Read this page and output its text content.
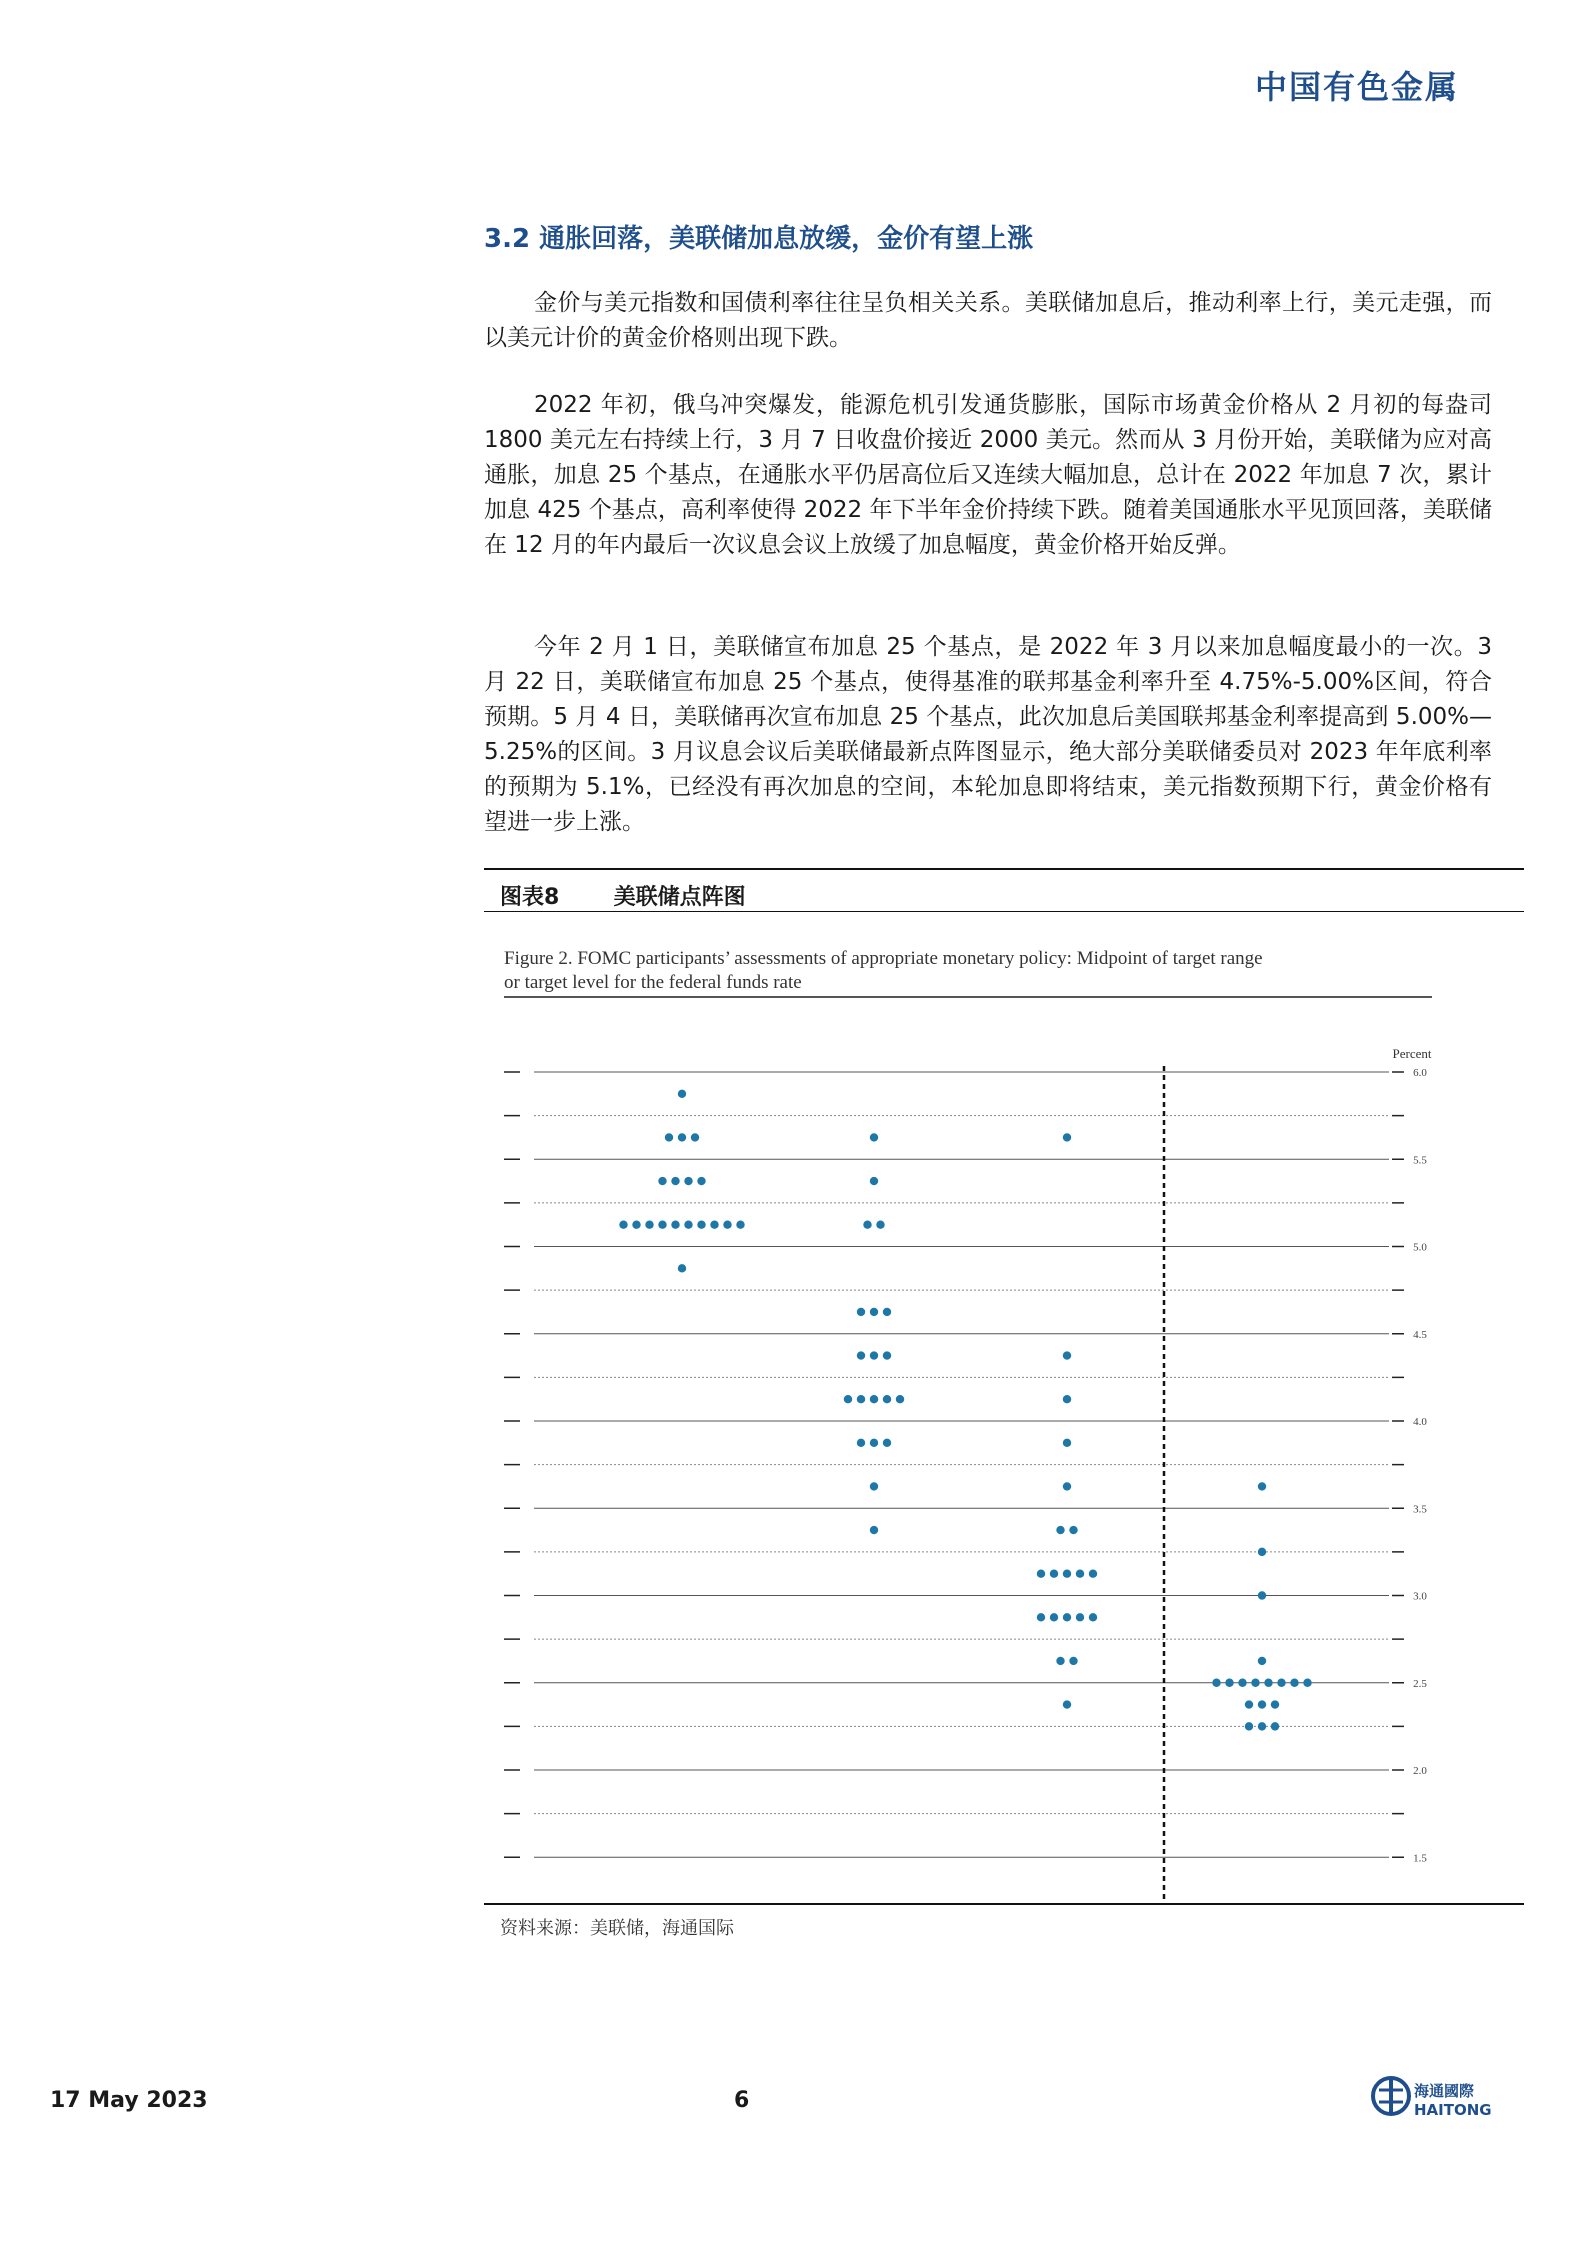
中国有色金属
3.2 通胀回落，美联储加息放缓，金价有望上涨

金价与美元指数和国债利率往往呈负相关关系。美联储加息后，推动利率上行，美元走强，而以美元计价的黄金价格则出现下跌。

2022 年初，俄乌冲突爆发，能源危机引发通货膨胀，国际市场黄金价格从 2 月初的每盎司 1800 美元左右持续上行，3 月 7 日收盘价接近 2000 美元。然而从 3 月份开始，美联储为应对高通胀，加息 25 个基点，在通胀水平仍居高位后又连续大幅加息，总计在 2022 年加息 7 次，累计加息 425 个基点，高利率使得 2022 年下半年金价持续下跌。随着美国通胀水平见顶回落，美联储在 12 月的年内最后一次议息会议上放缓了加息幅度，黄金价格开始反弹。

今年 2 月 1 日，美联储宣布加息 25 个基点，是 2022 年 3 月以来加息幅度最小的一次。3 月 22 日，美联储宣布加息 25 个基点，使得基准的联邦基金利率升至 4.75%-5.00%区间，符合预期。5 月 4 日，美联储再次宣布加息 25 个基点，此次加息后美国联邦基金利率提高到 5.00%—5.25%的区间。3 月议息会议后美联储最新点阵图显示，绝大部分美联储委员对 2023 年年底利率的预期为 5.1%，已经没有再次加息的空间，本轮加息即将结束，美元指数预期下行，黄金价格有望进一步上涨。

图表8 美联储点阵图
Figure 2. FOMC participants’ assessments of appropriate monetary policy: Midpoint of target range
or target level for the federal funds rate
Percent
1.5
2.0
2.5
3.0
3.5
4.0
4.5
5.0
5.5
6.0
资料来源：美联储，海通国际
17 May 2023	6	海通國際
HAITONG
